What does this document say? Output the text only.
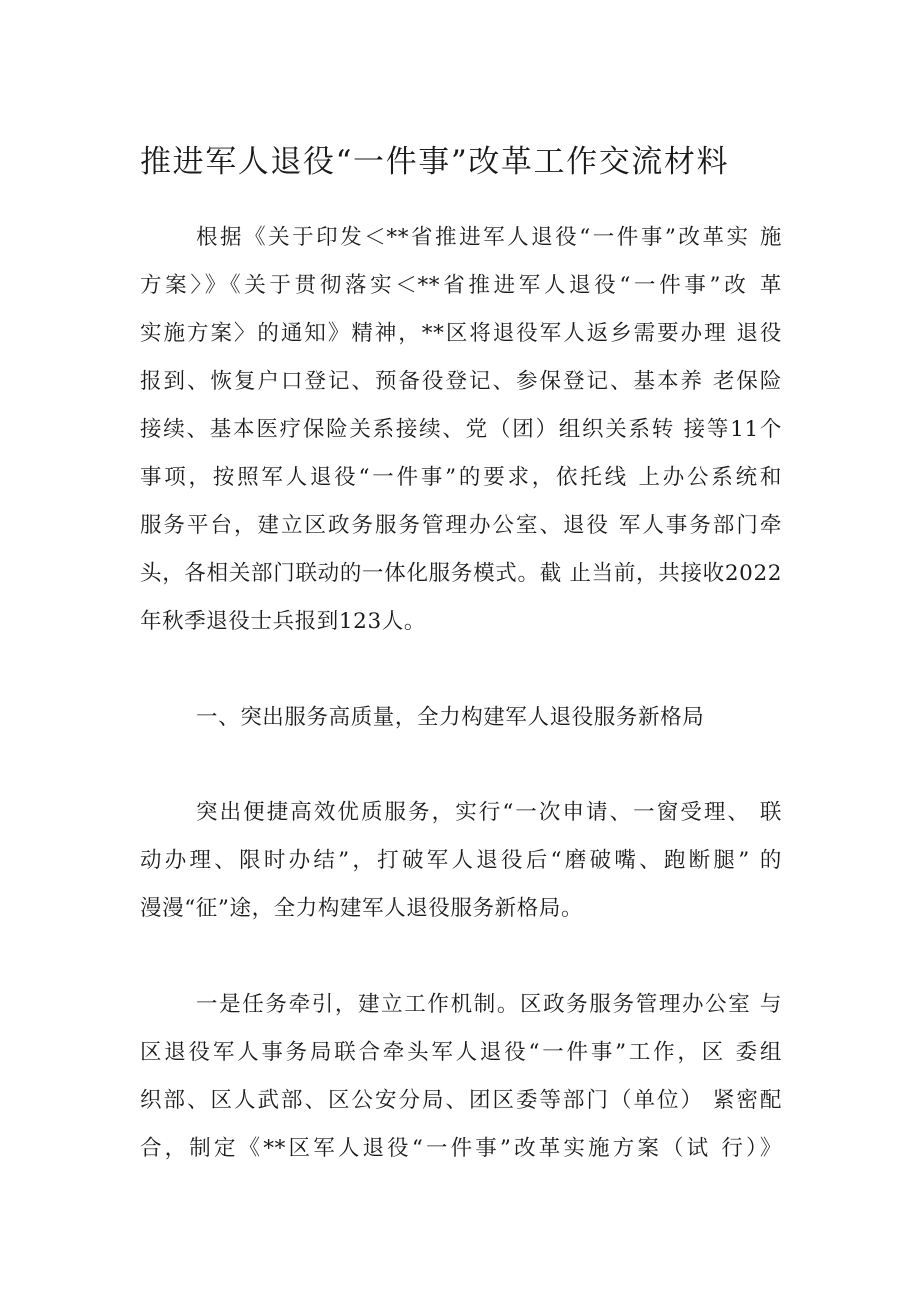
推进军人退役“一件事”改革工作交流材料

根据《关于印发＜**省推进军人退役“一件事”改革实 施

方案〉》《关于贯彻落实＜**省推进军人退役“一件事”改 革

实施方案〉的通知》精神，**区将退役军人返乡需要办理 退役

报到、恢复户口登记、预备役登记、参保登记、基本养 老保险

接续、基本医疗保险关系接续、党（团）组织关系转 接等11个

事项，按照军人退役“一件事”的要求，依托线 上办公系统和

服务平台，建立区政务服务管理办公室、退役 军人事务部门牵

头，各相关部门联动的一体化服务模式。截 止当前，共接收2022

年秋季退役士兵报到123人。

一、突出服务高质量，全力构建军人退役服务新格局

突出便捷高效优质服务，实行“一次申请、一窗受理、 联

动办理、限时办结”，打破军人退役后“磨破嘴、跑断腿” 的

漫漫“征”途，全力构建军人退役服务新格局。

一是任务牵引，建立工作机制。区政务服务管理办公室 与

区退役军人事务局联合牵头军人退役“一件事”工作，区 委组

织部、区人武部、区公安分局、团区委等部门（单位） 紧密配

合，制定《**区军人退役“一件事”改革实施方案（试 行）》
